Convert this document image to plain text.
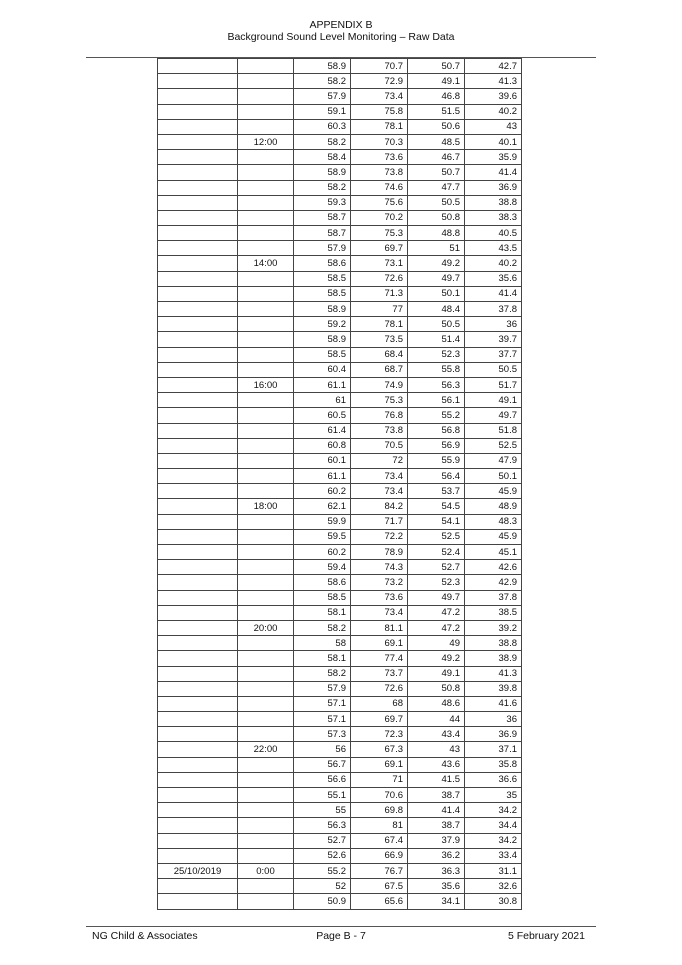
APPENDIX B
Background Sound Level Monitoring – Raw Data
		58.9	70.7	50.7	42.7
		58.2	72.9	49.1	41.3
		57.9	73.4	46.8	39.6
		59.1	75.8	51.5	40.2
		60.3	78.1	50.6	43
	12:00	58.2	70.3	48.5	40.1
		58.4	73.6	46.7	35.9
		58.9	73.8	50.7	41.4
		58.2	74.6	47.7	36.9
		59.3	75.6	50.5	38.8
		58.7	70.2	50.8	38.3
		58.7	75.3	48.8	40.5
		57.9	69.7	51	43.5
	14:00	58.6	73.1	49.2	40.2
		58.5	72.6	49.7	35.6
		58.5	71.3	50.1	41.4
		58.9	77	48.4	37.8
		59.2	78.1	50.5	36
		58.9	73.5	51.4	39.7
		58.5	68.4	52.3	37.7
		60.4	68.7	55.8	50.5
	16:00	61.1	74.9	56.3	51.7
		61	75.3	56.1	49.1
		60.5	76.8	55.2	49.7
		61.4	73.8	56.8	51.8
		60.8	70.5	56.9	52.5
		60.1	72	55.9	47.9
		61.1	73.4	56.4	50.1
		60.2	73.4	53.7	45.9
	18:00	62.1	84.2	54.5	48.9
		59.9	71.7	54.1	48.3
		59.5	72.2	52.5	45.9
		60.2	78.9	52.4	45.1
		59.4	74.3	52.7	42.6
		58.6	73.2	52.3	42.9
		58.5	73.6	49.7	37.8
		58.1	73.4	47.2	38.5
	20:00	58.2	81.1	47.2	39.2
		58	69.1	49	38.8
		58.1	77.4	49.2	38.9
		58.2	73.7	49.1	41.3
		57.9	72.6	50.8	39.8
		57.1	68	48.6	41.6
		57.1	69.7	44	36
		57.3	72.3	43.4	36.9
	22:00	56	67.3	43	37.1
		56.7	69.1	43.6	35.8
		56.6	71	41.5	36.6
		55.1	70.6	38.7	35
		55	69.8	41.4	34.2
		56.3	81	38.7	34.4
		52.7	67.4	37.9	34.2
		52.6	66.9	36.2	33.4
25/10/2019	0:00	55.2	76.7	36.3	31.1
		52	67.5	35.6	32.6
		50.9	65.6	34.1	30.8
NG Child & Associates	Page B - 7	5 February 2021
